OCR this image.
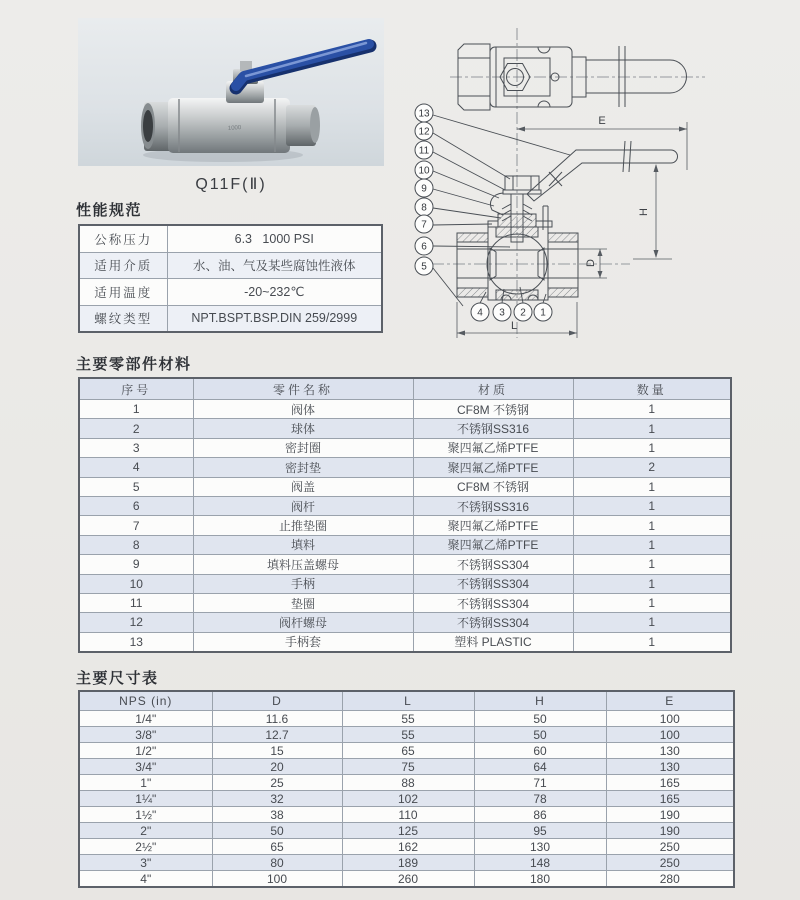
1000
Q11F(Ⅱ)
E
H
D
L
13
12
11
10
9
8
7
6
5
4 3 2 1
性能规范
公称压力	6.3   1000 PSI
适用介质	水、油、气及某些腐蚀性液体
适用温度	-20~232℃
螺纹类型	NPT.BSPT.BSP.DIN 259/2999
主要零部件材料
序号	零件名称	材质	数量
1	阀体	CF8M 不锈钢	1
2	球体	不锈钢SS316	1
3	密封圈	聚四氟乙烯PTFE	1
4	密封垫	聚四氟乙烯PTFE	2
5	阀盖	CF8M 不锈钢	1
6	阀杆	不锈钢SS316	1
7	止推垫圈	聚四氟乙烯PTFE	1
8	填料	聚四氟乙烯PTFE	1
9	填料压盖螺母	不锈钢SS304	1
10	手柄	不锈钢SS304	1
11	垫圈	不锈钢SS304	1
12	阀杆螺母	不锈钢SS304	1
13	手柄套	塑料 PLASTIC	1
主要尺寸表
NPS (in)	D	L	H	E
1/4"	11.6	55	50	100
3/8"	12.7	55	50	100
1/2"	15	65	60	130
3/4"	20	75	64	130
1"	25	88	71	165
1¼"	32	102	78	165
1½"	38	110	86	190
2"	50	125	95	190
2½"	65	162	130	250
3"	80	189	148	250
4"	100	260	180	280
